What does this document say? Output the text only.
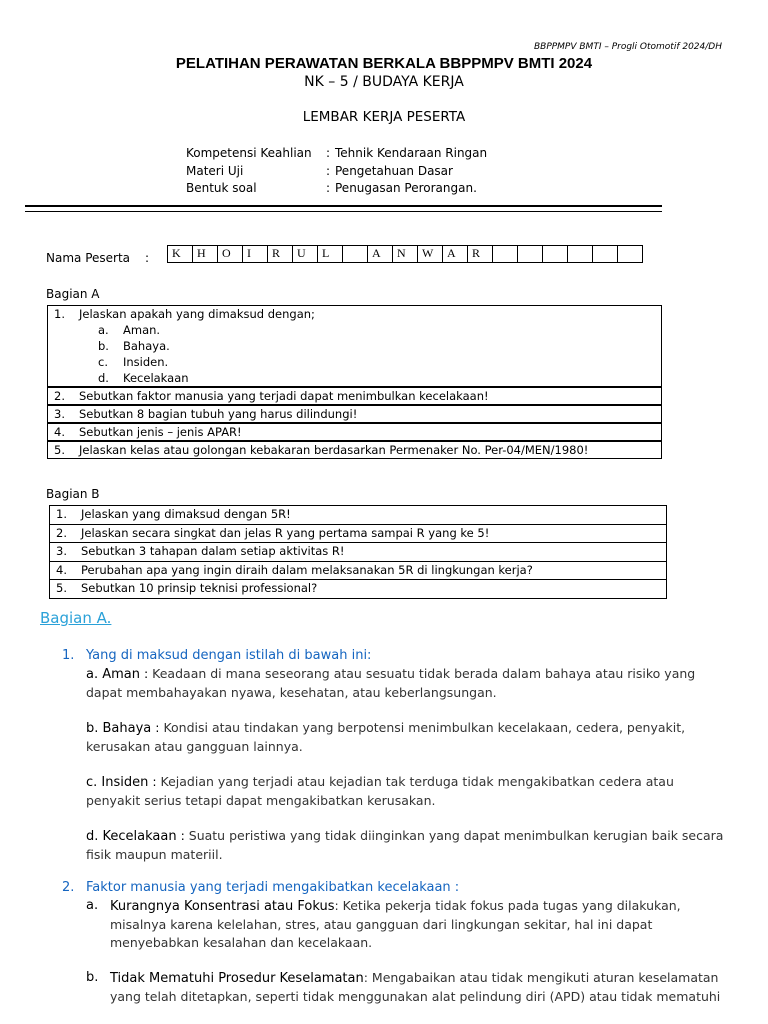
BBPPMPV BMTI – Progli Otomotif 2024/DH
PELATIHAN PERAWATAN BERKALA BBPPMPV BMTI 2024
NK – 5 / BUDAYA KERJA
LEMBAR KERJA PESERTA
Kompetensi Keahlian	: Tehnik Kendaraan Ringan
Materi Uji	: Pengetahuan Dasar
Bentuk soal	: Penugasan Perorangan.
Nama Peserta :	K	H	O	I	R	U	L	A	N	W	A	R
Bagian A
1.	Jelaskan apakah yang dimaksud dengan;
a.	Aman.
b.	Bahaya.
c.	Insiden.
d.	Kecelakaan
2.	Sebutkan faktor manusia yang terjadi dapat menimbulkan kecelakaan!
3.	Sebutkan 8 bagian tubuh yang harus dilindungi!
4.	Sebutkan jenis – jenis APAR!
5.	Jelaskan kelas atau golongan kebakaran berdasarkan Permenaker No. Per-04/MEN/1980!
Bagian B
1.	Jelaskan yang dimaksud dengan 5R!
2.	Jelaskan secara singkat dan jelas R yang pertama sampai R yang ke 5!
3.	Sebutkan 3 tahapan dalam setiap aktivitas R!
4.	Perubahan apa yang ingin diraih dalam melaksanakan 5R di lingkungan kerja?
5.	Sebutkan 10 prinsip teknisi professional?
Bagian A.
1. Yang di maksud dengan istilah di bawah ini:
a. Aman : Keadaan di mana seseorang atau sesuatu tidak berada dalam bahaya atau risiko yang dapat membahayakan nyawa, kesehatan, atau keberlangsungan.
b. Bahaya : Kondisi atau tindakan yang berpotensi menimbulkan kecelakaan, cedera, penyakit, kerusakan atau gangguan lainnya.
c. Insiden : Kejadian yang terjadi atau kejadian tak terduga tidak mengakibatkan cedera atau penyakit serius tetapi dapat mengakibatkan kerusakan.
d. Kecelakaan : Suatu peristiwa yang tidak diinginkan yang dapat menimbulkan kerugian baik secara fisik maupun materiil.
2. Faktor manusia yang terjadi mengakibatkan kecelakaan :
a. Kurangnya Konsentrasi atau Fokus: Ketika pekerja tidak fokus pada tugas yang dilakukan, misalnya karena kelelahan, stres, atau gangguan dari lingkungan sekitar, hal ini dapat menyebabkan kesalahan dan kecelakaan.
b. Tidak Mematuhi Prosedur Keselamatan: Mengabaikan atau tidak mengikuti aturan keselamatan yang telah ditetapkan, seperti tidak menggunakan alat pelindung diri (APD) atau tidak mematuhi
